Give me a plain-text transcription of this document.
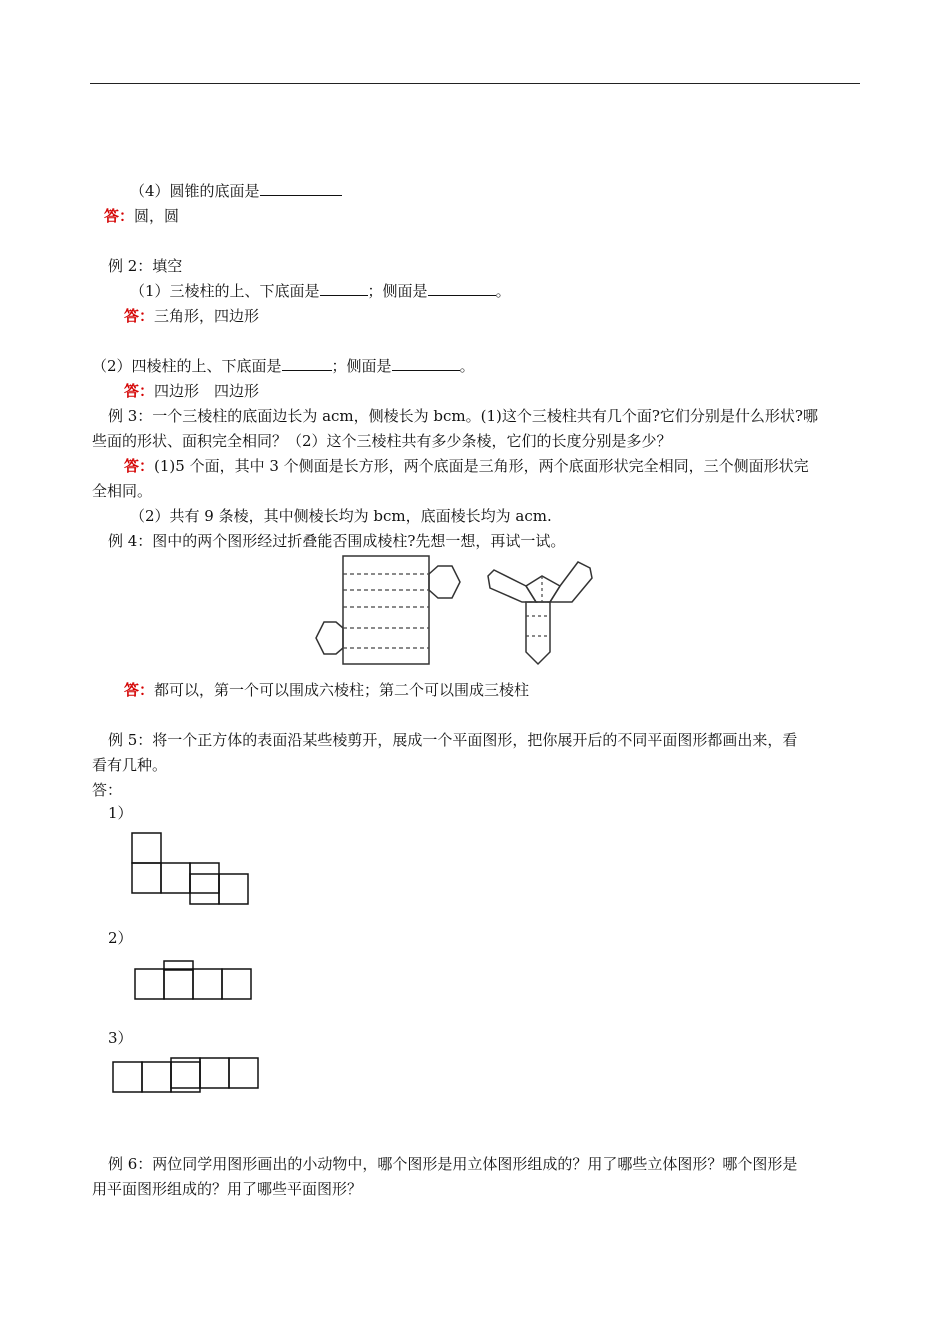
（4）圆锥的底面是
答：圆，圆
例 2：填空
（1）三棱柱的上、下底面是	；侧面是	。
答：三角形，四边形
（2）四棱柱的上、下底面是	；侧面是	。
答：四边形　四边形
例 3：一个三棱柱的底面边长为 acm，侧棱长为 bcm。(1)这个三棱柱共有几个面?它们分别是什么形状?哪
些面的形状、面积完全相同？（2）这个三棱柱共有多少条棱，它们的长度分别是多少？
答：(1)5 个面，其中 3 个侧面是长方形，两个底面是三角形，两个底面形状完全相同，三个侧面形状完
全相同。
（2）共有 9 条棱，其中侧棱长均为 bcm，底面棱长均为 acm.
例 4：图中的两个图形经过折叠能否围成棱柱?先想一想，再试一试。
答：都可以，第一个可以围成六棱柱；第二个可以围成三棱柱
例 5：将一个正方体的表面沿某些棱剪开，展成一个平面图形，把你展开后的不同平面图形都画出来，看
看有几种。
答：
1）
2）
3）
例 6：两位同学用图形画出的小动物中，哪个图形是用立体图形组成的？用了哪些立体图形？哪个图形是
用平面图形组成的？用了哪些平面图形？
